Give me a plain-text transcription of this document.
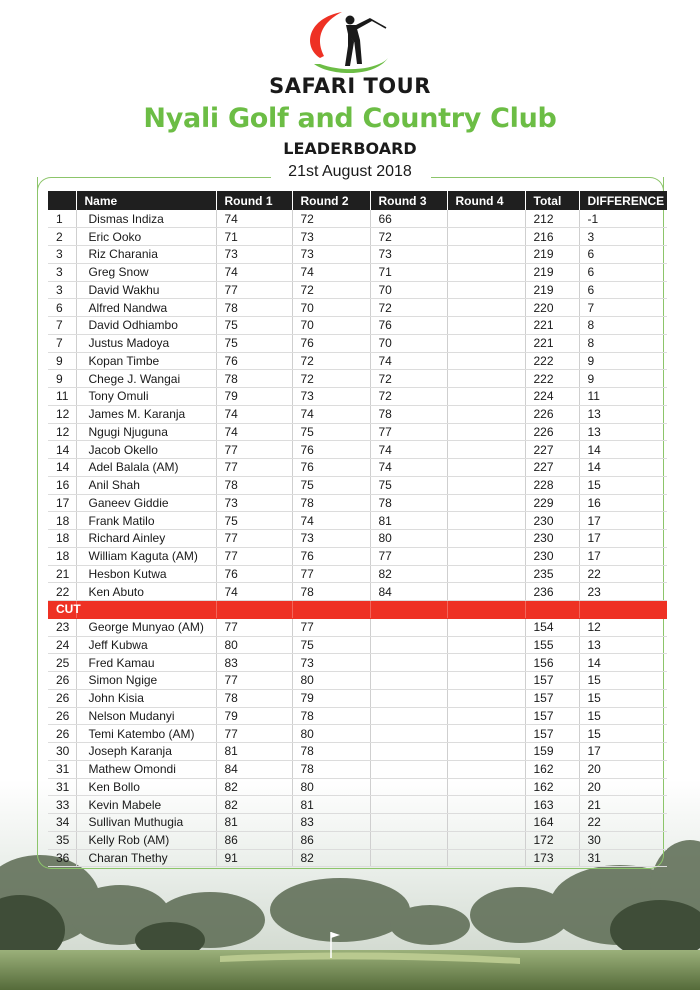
SAFARI TOUR
Nyali Golf and Country Club
LEADERBOARD
21st August 2018
	Name	Round 1	Round 2	Round 3	Round 4	Total	DIFFERENCE
1	Dismas Indiza	74	72	66		212	-1
2	Eric Ooko	71	73	72		216	3
3	Riz Charania	73	73	73		219	6
3	Greg Snow	74	74	71		219	6
3	David Wakhu	77	72	70		219	6
6	Alfred Nandwa	78	70	72		220	7
7	David Odhiambo	75	70	76		221	8
7	Justus Madoya	75	76	70		221	8
9	Kopan Timbe	76	72	74		222	9
9	Chege J. Wangai	78	72	72		222	9
11	Tony Omuli	79	73	72		224	11
12	James M. Karanja	74	74	78		226	13
12	Ngugi Njuguna	74	75	77		226	13
14	Jacob Okello	77	76	74		227	14
14	Adel Balala (AM)	77	76	74		227	14
16	Anil Shah	78	75	75		228	15
17	Ganeev Giddie	73	78	78		229	16
18	Frank Matilo	75	74	81		230	17
18	Richard Ainley	77	73	80		230	17
18	William Kaguta (AM)	77	76	77		230	17
21	Hesbon Kutwa	76	77	82		235	22
22	Ken Abuto	74	78	84		236	23
CUT							
23	George Munyao (AM)	77	77			154	12
24	Jeff Kubwa	80	75			155	13
25	Fred Kamau	83	73			156	14
26	Simon Ngige	77	80			157	15
26	John Kisia	78	79			157	15
26	Nelson Mudanyi	79	78			157	15
26	Temi Katembo (AM)	77	80			157	15
30	Joseph Karanja	81	78			159	17
31	Mathew Omondi	84	78			162	20
31	Ken Bollo	82	80			162	20
33	Kevin Mabele	82	81			163	21
34	Sullivan Muthugia	81	83			164	22
35	Kelly Rob (AM)	86	86			172	30
36	Charan Thethy	91	82			173	31
